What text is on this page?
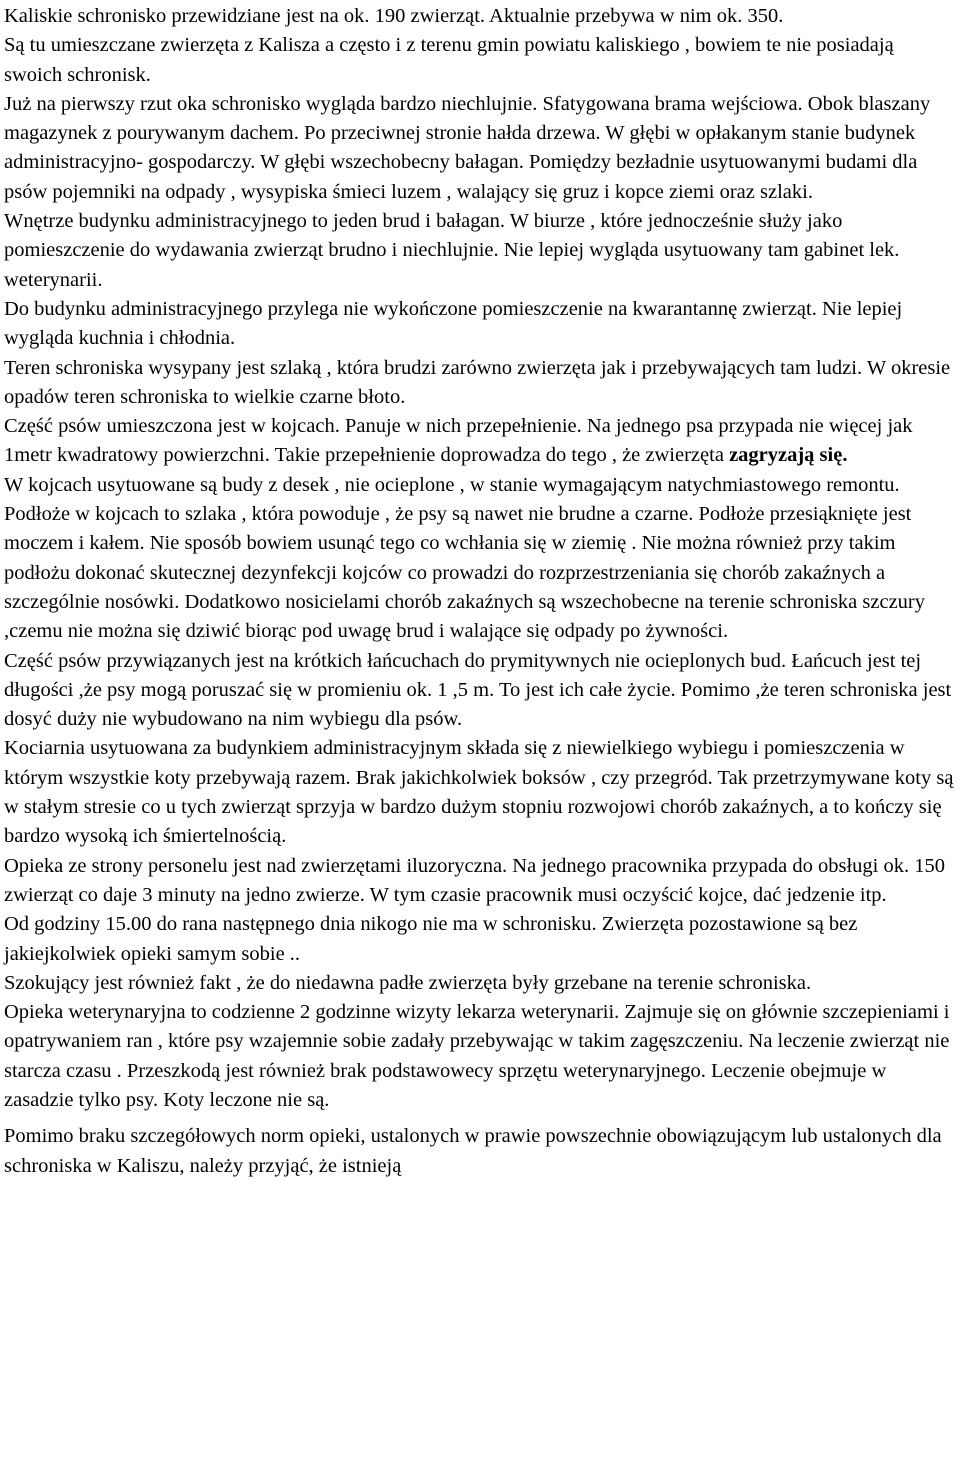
Kaliskie schronisko przewidziane jest na ok. 190 zwierząt. Aktualnie przebywa w nim ok. 350.

Są tu umieszczane zwierzęta z Kalisza a często i z terenu gmin powiatu kaliskiego , bowiem te nie posiadają swoich schronisk.

Już na pierwszy rzut oka schronisko wygląda bardzo niechlujnie. Sfatygowana brama wejściowa. Obok blaszany magazynek z pourywanym dachem. Po przeciwnej stronie hałda drzewa. W głębi w opłakanym stanie budynek administracyjno- gospodarczy. W głębi wszechobecny bałagan. Pomiędzy bezładnie usytuowanymi budami dla psów pojemniki na odpady , wysypiska śmieci luzem , walający się gruz i kopce ziemi oraz szlaki.

Wnętrze budynku administracyjnego to jeden brud i bałagan. W biurze , które jednocześnie służy jako pomieszczenie do wydawania zwierząt brudno i niechlujnie. Nie lepiej wygląda usytuowany tam gabinet lek. weterynarii.

Do budynku administracyjnego przylega nie wykończone pomieszczenie na kwarantannę zwierząt. Nie lepiej wygląda kuchnia i chłodnia.

Teren schroniska wysypany jest szlaką , która brudzi zarówno zwierzęta jak i przebywających tam ludzi. W okresie opadów teren schroniska to wielkie czarne błoto.

Część psów umieszczona jest w kojcach. Panuje w nich przepełnienie. Na jednego psa przypada nie więcej jak 1metr kwadratowy powierzchni. Takie przepełnienie doprowadza do tego , że zwierzęta zagryzają się.

W kojcach usytuowane są budy z desek , nie ocieplone , w stanie wymagającym natychmiastowego remontu. Podłoże w kojcach to szlaka , która powoduje , że psy są nawet nie brudne a czarne. Podłoże przesiąknięte jest moczem i kałem. Nie sposób bowiem usunąć tego co wchłania się w ziemię . Nie można również przy takim podłożu dokonać skutecznej dezynfekcji kojców co prowadzi do rozprzestrzeniania się chorób zakaźnych a szczególnie nosówki. Dodatkowo nosicielami chorób zakaźnych są wszechobecne na terenie schroniska szczury ,czemu nie można się dziwić biorąc pod uwagę brud i walające się odpady po żywności.

Część psów przywiązanych jest na krótkich łańcuchach do prymitywnych nie ocieplonych bud. Łańcuch jest tej długości ,że psy mogą poruszać się w promieniu ok. 1 ,5 m. To jest ich całe życie. Pomimo ,że teren schroniska jest dosyć duży nie wybudowano na nim wybiegu dla psów.

Kociarnia usytuowana za budynkiem administracyjnym składa się z niewielkiego wybiegu i pomieszczenia w którym wszystkie koty przebywają razem. Brak jakichkolwiek boksów , czy przegród. Tak przetrzymywane koty są w stałym stresie co u tych zwierząt sprzyja w bardzo dużym stopniu rozwojowi chorób zakaźnych, a to kończy się bardzo wysoką ich śmiertelnością.

Opieka ze strony personelu jest nad zwierzętami iluzoryczna. Na jednego pracownika przypada do obsługi ok. 150 zwierząt co daje 3 minuty na jedno zwierze. W tym czasie pracownik musi oczyścić kojce, dać jedzenie itp.

Od godziny 15.00 do rana następnego dnia nikogo nie ma w schronisku. Zwierzęta pozostawione są bez jakiejkolwiek opieki samym sobie ..

Szokujący jest również fakt , że do niedawna padłe zwierzęta były grzebane na terenie schroniska.

Opieka weterynaryjna to codzienne 2 godzinne wizyty lekarza weterynarii. Zajmuje się on głównie szczepieniami i opatrywaniem ran , które psy wzajemnie sobie zadały przebywając w takim zagęszczeniu. Na leczenie zwierząt nie starcza czasu . Przeszkodą jest również brak podstawowecy sprzętu weterynaryjnego. Leczenie obejmuje w zasadzie tylko psy. Koty leczone nie są.

Pomimo braku szczegółowych norm opieki, ustalonych w prawie powszechnie obowiązującym lub ustalonych dla schroniska w Kaliszu, należy przyjąć, że istnieją
